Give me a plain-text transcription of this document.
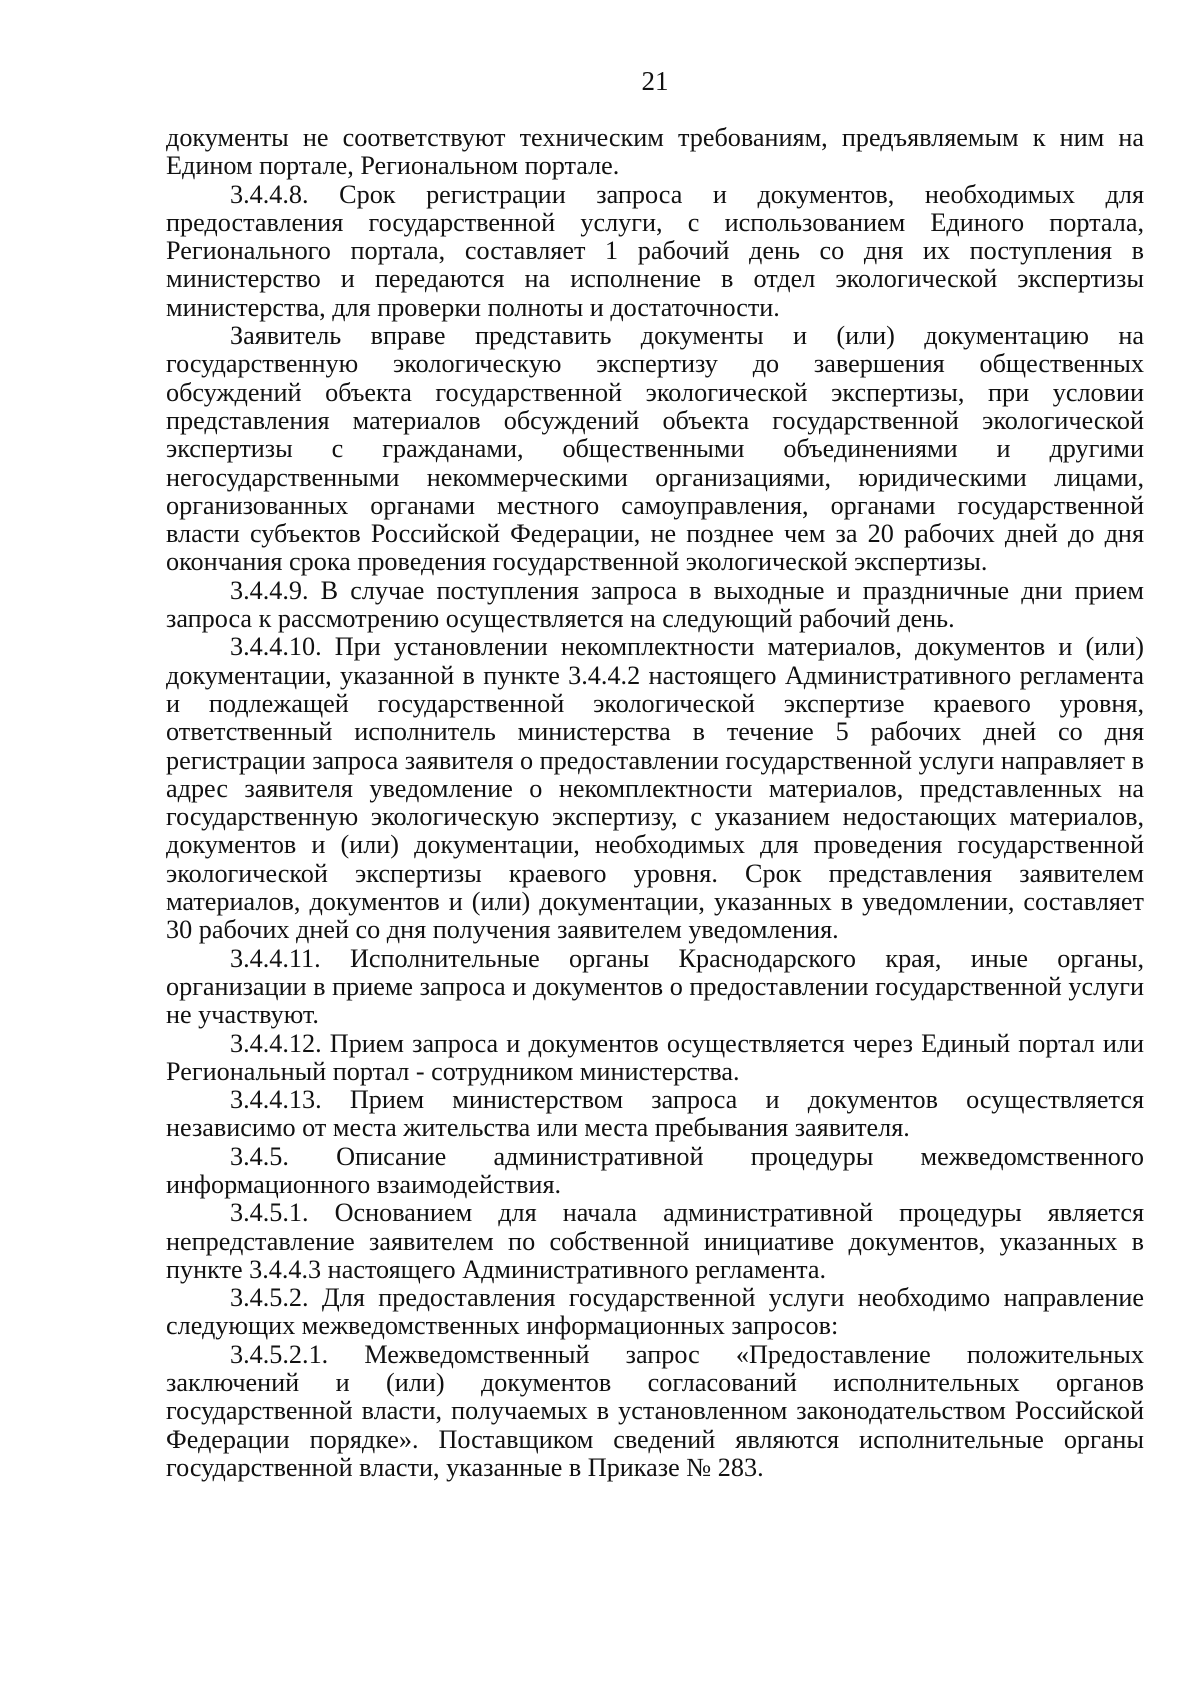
21

документы не соответствуют техническим требованиям, предъявляемым к ним на Едином портале, Региональном портале.

3.4.4.8. Срок регистрации запроса и документов, необходимых для предоставления государственной услуги, с использованием Единого портала, Регионального портала, составляет 1 рабочий день со дня их поступления в министерство и передаются на исполнение в отдел экологической экспертизы министерства, для проверки полноты и достаточности.

Заявитель вправе представить документы и (или) документацию на государственную экологическую экспертизу до завершения общественных обсуждений объекта государственной экологической экспертизы, при условии представления материалов обсуждений объекта государственной экологической экспертизы с гражданами, общественными объединениями и другими негосударственными некоммерческими организациями, юридическими лицами, организованных органами местного самоуправления, органами государственной власти субъектов Российской Федерации, не позднее чем за 20 рабочих дней до дня окончания срока проведения государственной экологической экспертизы.

3.4.4.9. В случае поступления запроса в выходные и праздничные дни прием запроса к рассмотрению осуществляется на следующий рабочий день.

3.4.4.10. При установлении некомплектности материалов, документов и (или) документации, указанной в пункте 3.4.4.2 настоящего Административного регламента и подлежащей государственной экологической экспертизе краевого уровня, ответственный исполнитель министерства в течение 5 рабочих дней со дня регистрации запроса заявителя о предоставлении государственной услуги направляет в адрес заявителя уведомление о некомплектности материалов, представленных на государственную экологическую экспертизу, с указанием недостающих материалов, документов и (или) документации, необходимых для проведения государственной экологической экспертизы краевого уровня. Срок представления заявителем материалов, документов и (или) документации, указанных в уведомлении, составляет 30 рабочих дней со дня получения заявителем уведомления.

3.4.4.11. Исполнительные органы Краснодарского края, иные органы, организации в приеме запроса и документов о предоставлении государственной услуги не участвуют.

3.4.4.12. Прием запроса и документов осуществляется через Единый портал или Региональный портал - сотрудником министерства.

3.4.4.13. Прием министерством запроса и документов осуществляется независимо от места жительства или места пребывания заявителя.

3.4.5. Описание административной процедуры межведомственного информационного взаимодействия.

3.4.5.1. Основанием для начала административной процедуры является непредставление заявителем по собственной инициативе документов, указанных в пункте 3.4.4.3 настоящего Административного регламента.

3.4.5.2. Для предоставления государственной услуги необходимо направление следующих межведомственных информационных запросов:

3.4.5.2.1. Межведомственный запрос «Предоставление положительных заключений и (или) документов согласований исполнительных органов государственной власти, получаемых в установленном законодательством Российской Федерации порядке». Поставщиком сведений являются исполнительные органы государственной власти, указанные в Приказе № 283.
